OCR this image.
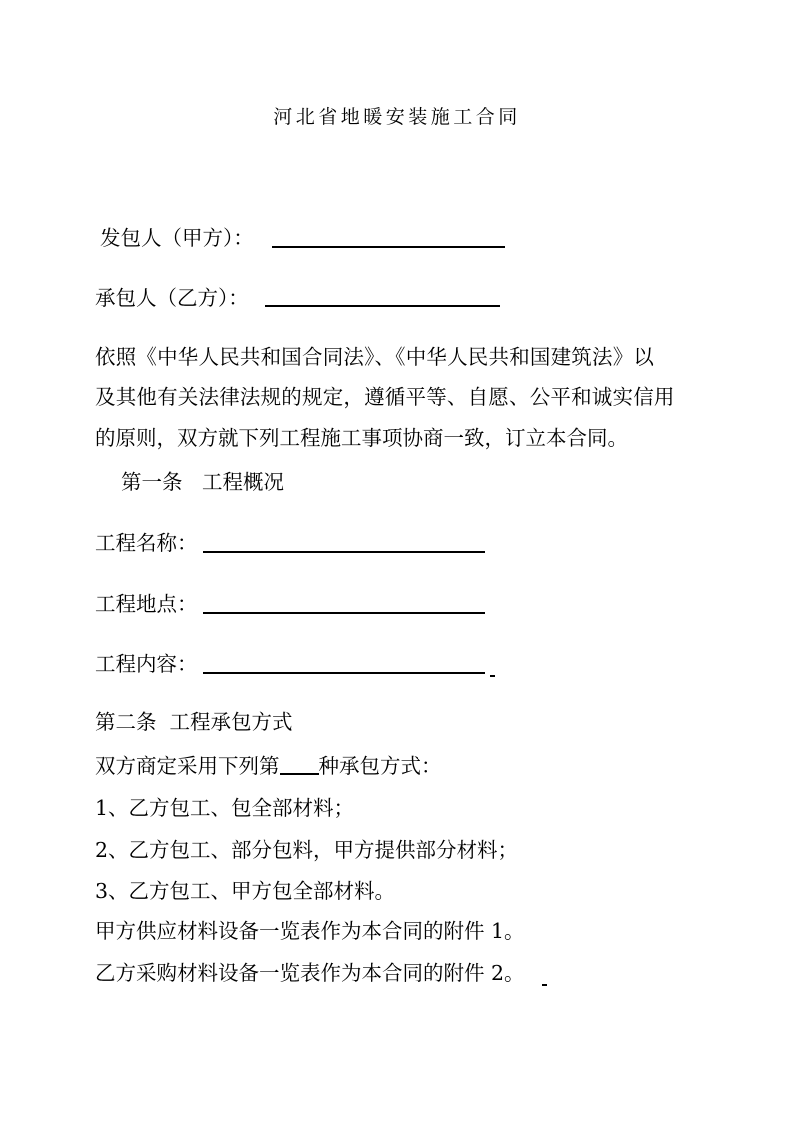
河北省地暖安装施工合同
发包人（甲方）：
承包人（乙方）：
依照《中华人民共和国合同法》、《中华人民共和国建筑法》以
及其他有关法律法规的规定，遵循平等、自愿、公平和诚实信用
的原则，双方就下列工程施工事项协商一致，订立本合同。
第一条   工程概况
工程名称：
工程地点：
工程内容：
第二条  工程承包方式
双方商定采用下列第 种承包方式：
1、乙方包工、包全部材料；
2、乙方包工、部分包料，甲方提供部分材料；
3、乙方包工、甲方包全部材料。
甲方供应材料设备一览表作为本合同的附件 1。
乙方采购材料设备一览表作为本合同的附件 2。
